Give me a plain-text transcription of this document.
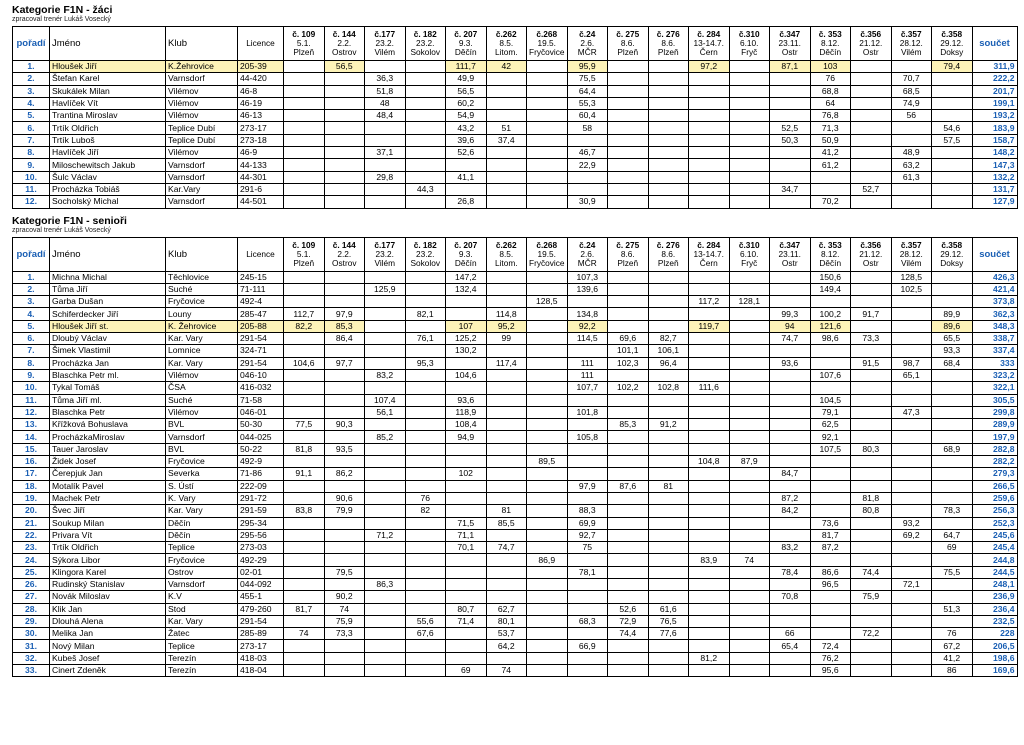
Kategorie F1N - žáci

zpracoval trenér Lukáš Vosecký

pořadí	Jméno	Klub	Licence	č. 109
5.1.
Plzeň	č. 144
2.2.
Ostrov	č.177
23.2.
Vilém	č. 182
23.2.
Sokolov	č. 207
9.3.
Děčín	č.262
8.5.
Litom.	č.268
19.5.
Fryčovice	č.24
2.6.
MČR	č. 275
8.6.
Plzeň	č. 276
8.6.
Plzeň	č. 284
13-14.7.
Čern	č.310
6.10.
Fryč	č.347
23.11.
Ostr	č. 353
8.12.
Děčín	č.356
21.12.
Ostr	č.357
28.12.
Vilém	č.358
29.12.
Doksy	součet
1.	Hloušek Jiří	K.Žehrovice	205-39		56,5			111,7	42		95,9			97,2		87,1	103			79,4	311,9
2.	Štefan Karel	Varnsdorf	44-420			36,3		49,9			75,5						76		70,7		222,2
3.	Skukálek Milan	Vilémov	46-8			51,8		56,5			64,4						68,8		68,5		201,7
4.	Havlíček Vít	Vilémov	46-19			48		60,2			55,3						64		74,9		199,1
5.	Trantina Miroslav	Vilémov	46-13			48,4		54,9			60,4						76,8		56		193,2
6.	Trtík Oldřich	Teplice Dubí	273-17					43,2	51		58					52,5	71,3			54,6	183,9
7.	Trtík Luboš	Teplice Dubí	273-18					39,6	37,4							50,3	50,9			57,5	158,7
8.	Havlíček Jiří	Vilémov	46-9			37,1		52,6			46,7						41,2		48,9		148,2
9.	Miloschewitsch Jakub	Varnsdorf	44-133								22,9						61,2		63,2		147,3
10.	Šulc Václav	Varnsdorf	44-301			29,8		41,1											61,3		132,2
11.	Procházka Tobiáš	Kar.Vary	291-6				44,3									34,7		52,7			131,7
12.	Socholský Michal	Varnsdorf	44-501					26,8			30,9						70,2				127,9
Kategorie F1N - senioři

zpracoval trenér Lukáš Vosecký

pořadí	Jméno	Klub	Licence	č. 109
5.1.
Plzeň	č. 144
2.2.
Ostrov	č.177
23.2.
Vilém	č. 182
23.2.
Sokolov	č. 207
9.3.
Děčín	č.262
8.5.
Litom.	č.268
19.5.
Fryčovice	č.24
2.6.
MČR	č. 275
8.6.
Plzeň	č. 276
8.6.
Plzeň	č. 284
13-14.7.
Čern	č.310
6.10.
Fryč	č.347
23.11.
Ostr	č. 353
8.12.
Děčín	č.356
21.12.
Ostr	č.357
28.12.
Vilém	č.358
29.12.
Doksy	součet
1.	Michna Michal	Těchlovice	245-15					147,2			107,3						150,6		128,5		426,3
2.	Tůma Jiří	Suché	71-111			125,9		132,4			139,6						149,4		102,5		421,4
3.	Garba Dušan	Fryčovice	492-4							128,5				117,2	128,1						373,8
4.	Schiferdecker Jiří	Louny	285-47	112,7	97,9		82,1		114,8		134,8					99,3	100,2	91,7		89,9	362,3
5.	Hloušek Jiří st.	K. Žehrovice	205-88	82,2	85,3			107	95,2		92,2			119,7		94	121,6			89,6	348,3
6.	Dloubý Václav	Kar. Vary	291-54		86,4		76,1	125,2	99		114,5	69,6	82,7			74,7	98,6	73,3		65,5	338,7
7.	Šimek Vlastimil	Lomnice	324-71					130,2				101,1	106,1							93,3	337,4
8.	Procházka Jan	Kar. Vary	291-54	104,6	97,7		95,3		117,4		111	102,3	96,4			93,6		91,5	98,7	68,4	333
9.	Blaschka Petr ml.	Vilémov	046-10			83,2		104,6			111						107,6		65,1		323,2
10.	Tykal Tomáš	ČSA	416-032								107,7	102,2	102,8	111,6							322,1
11.	Tůma Jiří ml.	Suché	71-58			107,4		93,6									104,5				305,5
12.	Blaschka Petr	Vilémov	046-01			56,1		118,9			101,8						79,1		47,3		299,8
13.	Křížková Bohuslava	BVL	50-30	77,5	90,3			108,4				85,3	91,2				62,5				289,9
14.	ProcházkaMiroslav	Varnsdorf	044-025			85,2		94,9			105,8						92,1				197,9
15.	Tauer Jaroslav	BVL	50-22	81,8	93,5												107,5	80,3		68,9	282,8
16.	Židek Josef	Fryčovice	492-9							89,5				104,8	87,9						282,2
17.	Čerepjuk Jan	Severka	71-86	91,1	86,2			102								84,7					279,3
18.	Motalík Pavel	S. Ústí	222-09								97,9	87,6	81								266,5
19.	Machek Petr	K. Vary	291-72		90,6		76									87,2		81,8			259,6
20.	Švec Jiří	Kar. Vary	291-59	83,8	79,9		82		81		88,3					84,2		80,8		78,3	256,3
21.	Soukup Milan	Děčín	295-34					71,5	85,5		69,9						73,6		93,2		252,3
22.	Privara Vít	Děčín	295-56			71,2		71,1			92,7						81,7		69,2	64,7	245,6
23.	Trtík Oldřich	Teplice	273-03					70,1	74,7		75					83,2	87,2			69	245,4
24.	Sýkora Libor	Fryčovice	492-29							86,9				83,9	74						244,8
25.	Klingora Karel	Ostrov	02-01		79,5						78,1					78,4	86,6	74,4		75,5	244,5
26.	Rudinský Stanislav	Varnsdorf	044-092			86,3											96,5		72,1		248,1
27.	Novák Miloslav	K.V	455-1		90,2											70,8		75,9			236,9
28.	Klik Jan	Stod	479-260	81,7	74			80,7	62,7			52,6	61,6							51,3	236,4
29.	Dlouhá Alena	Kar. Vary	291-54		75,9		55,6	71,4	80,1		68,3	72,9	76,5								232,5
30.	Melika Jan	Žatec	285-89	74	73,3		67,6		53,7			74,4	77,6			66		72,2		76	228
31.	Nový Milan	Teplice	273-17						64,2		66,9					65,4	72,4			67,2	206,5
32.	Kubeš Josef	Terezín	418-03											81,2			76,2			41,2	198,6
33.	Cinert Zdeněk	Terezín	418-04					69	74								95,6			86	169,6
